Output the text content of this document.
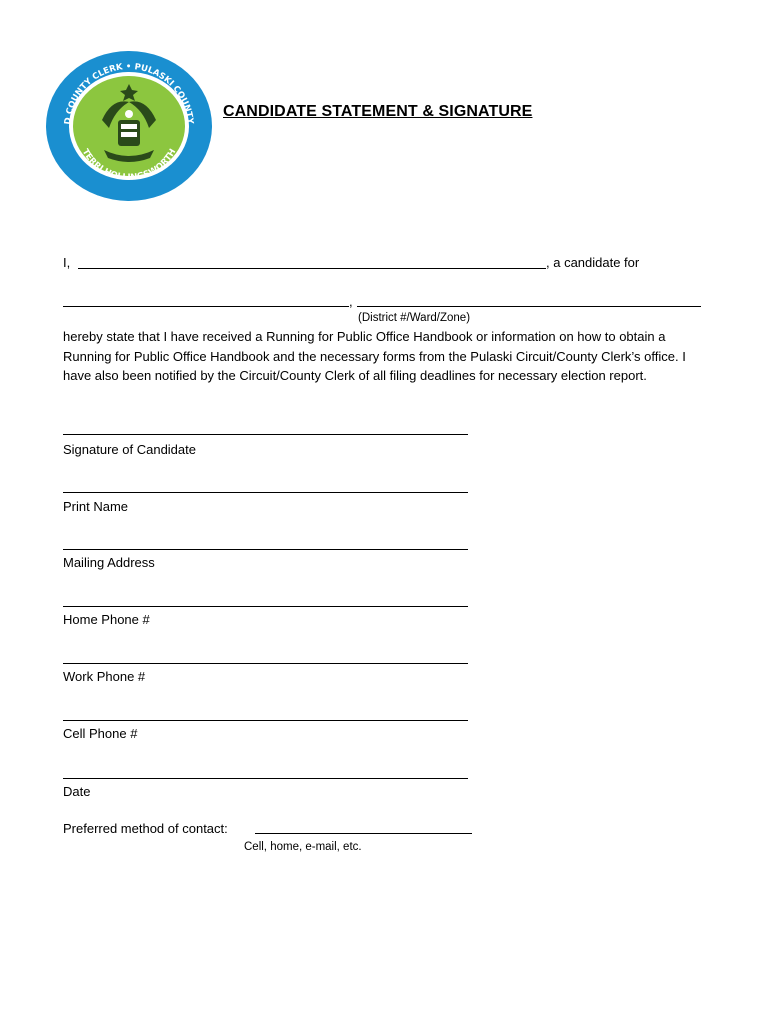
D COUNTY CLERK • PULASKI COUNTY
TERRI HOLLINGSWORTH
CANDIDATE STATEMENT & SIGNATURE
I,	, a candidate for
,
(District #/Ward/Zone)
hereby state that I have received a Running for Public Office Handbook or information on how to obtain a Running for Public Office Handbook and the necessary forms from the Pulaski Circuit/County Clerk’s office. I have also been notified by the Circuit/County Clerk of all filing deadlines for necessary election report.
Signature of Candidate
Print Name
Mailing Address
Home Phone #
Work Phone #
Cell Phone #
Date
Preferred method of contact:
Cell, home, e-mail, etc.
